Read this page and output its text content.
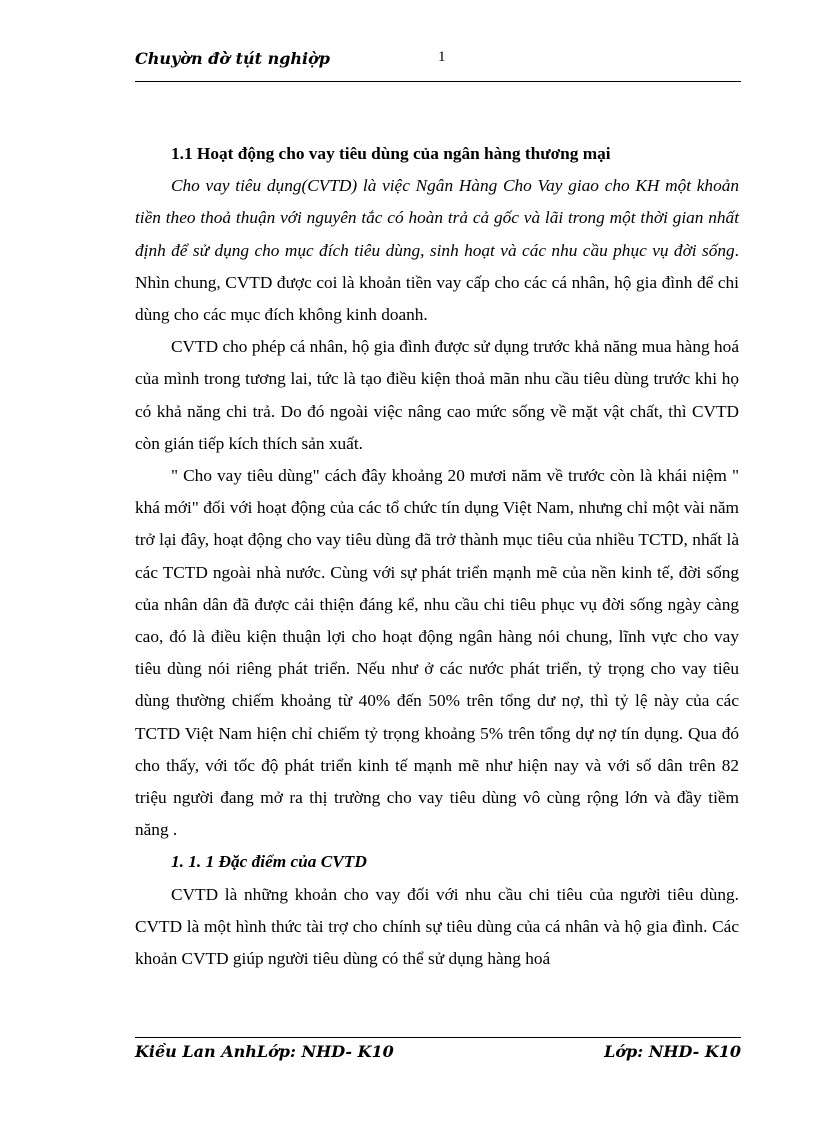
Chuyờn đờ̀ tụ́t nghiợ̀p	1

1.1 Hoạt động cho vay tiêu dùng của ngân hàng thương mại

Cho vay tiêu dụng(CVTD) là việc Ngân Hàng Cho Vay giao cho KH một khoản tiền theo thoả thuận với nguyên tắc có hoàn trả cả gốc và lãi trong một thời gian nhất định để sử dụng cho mục đích tiêu dùng, sinh hoạt và các nhu cầu phục vụ đời sống. Nhìn chung, CVTD được coi là khoản tiền vay cấp cho các cá nhân, hộ gia đình để chi dùng cho các mục đích không kinh doanh.

CVTD cho phép cá nhân, hộ gia đình được sử dụng trước khả năng mua hàng hoá của mình trong tương lai, tức là tạo điều kiện thoả mãn nhu cầu tiêu dùng trước khi họ có khả năng chi trả. Do đó ngoài việc nâng cao mức sống về mặt vật chất, thì CVTD còn gián tiếp kích thích sản xuất.

" Cho vay tiêu dùng" cách đây khoảng 20 mươi năm về trước còn là khái niệm " khá mới" đối với hoạt động của các tổ chức tín dụng Việt Nam, nhưng chỉ một vài năm trở lại đây, hoạt động cho vay tiêu dùng đã trở thành mục tiêu của nhiều TCTD, nhất là các TCTD ngoài nhà nước. Cùng với sự phát triển mạnh mẽ của nền kinh tế, đời sống của nhân dân đã được cải thiện đáng kể, nhu cầu chi tiêu phục vụ đời sống ngày càng cao, đó là điều kiện thuận lợi cho hoạt động ngân hàng nói chung, lĩnh vực cho vay tiêu dùng nói riêng phát triển. Nếu như ở các nước phát triển, tỷ trọng cho vay tiêu dùng thường chiếm khoảng từ 40% đến 50% trên tổng dư nợ, thì tỷ lệ này của các TCTD Việt Nam hiện chỉ chiếm tỷ trọng khoảng 5% trên tổng dự nợ tín dụng. Qua đó cho thấy, với tốc độ phát triển kinh tế mạnh mẽ như hiện nay và với số dân trên 82 triệu người đang mở ra thị trường cho vay tiêu dùng vô cùng rộng lớn và đầy tiềm năng .

1. 1. 1 Đặc điểm của CVTD

CVTD là những khoản cho vay đối với nhu cầu chi tiêu của người tiêu dùng. CVTD là một hình thức tài trợ cho chính sự tiêu dùng của cá nhân và hộ gia đình. Các khoản CVTD giúp người tiêu dùng có thể sử dụng hàng hoá

Kiều Lan AnhLớp: NHD- K10	Lớp: NHD- K10
